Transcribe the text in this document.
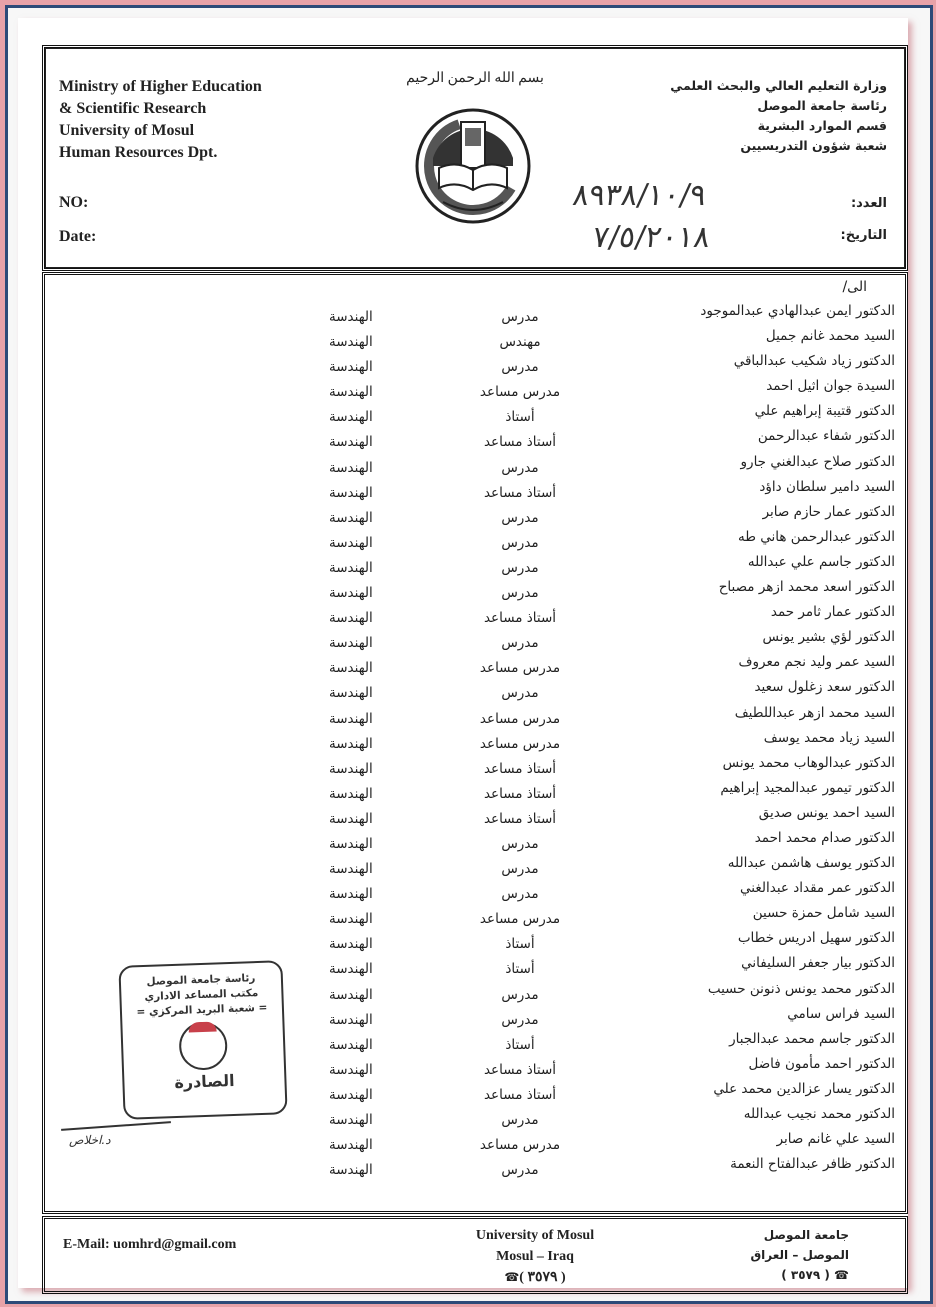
Ministry of Higher Education
& Scientific Research
University of Mosul
Human Resources Dpt.
NO:
Date:
بسم الله الرحمن الرحيم	وزارة التعليم العالي والبحث العلمي
رئاسة جامعة الموصل
قسم الموارد البشرية
شعبة شؤون التدريسيين
العدد:
التاريخ:
٨٩٣٨/١٠/٩
٧/٥/٢٠١٨
الى/
الدكتور ايمن عبدالهادي عبدالموجود
مدرس
الهندسة
السيد محمد غانم جميل
مهندس
الهندسة
الدكتور زياد شكيب عبدالباقي
مدرس
الهندسة
السيدة جوان اثيل احمد
مدرس مساعد
الهندسة
الدكتور قتيبة إبراهيم علي
أستاذ
الهندسة
الدكتور شفاء عبدالرحمن
أستاذ مساعد
الهندسة
الدكتور صلاح عبدالغني جارو
مدرس
الهندسة
السيد دامير سلطان داؤد
أستاذ مساعد
الهندسة
الدكتور عمار حازم صابر
مدرس
الهندسة
الدكتور عبدالرحمن هاني طه
مدرس
الهندسة
الدكتور جاسم علي عبدالله
مدرس
الهندسة
الدكتور اسعد محمد ازهر مصباح
مدرس
الهندسة
الدكتور عمار ثامر حمد
أستاذ مساعد
الهندسة
الدكتور لؤي بشير يونس
مدرس
الهندسة
السيد عمر وليد نجم معروف
مدرس مساعد
الهندسة
الدكتور سعد زغلول سعيد
مدرس
الهندسة
السيد محمد ازهر عبداللطيف
مدرس مساعد
الهندسة
السيد زياد محمد يوسف
مدرس مساعد
الهندسة
الدكتور عبدالوهاب محمد يونس
أستاذ مساعد
الهندسة
الدكتور تيمور عبدالمجيد إبراهيم
أستاذ مساعد
الهندسة
السيد احمد يونس صديق
أستاذ مساعد
الهندسة
الدكتور صدام محمد احمد
مدرس
الهندسة
الدكتور يوسف هاشمن عبدالله
مدرس
الهندسة
الدكتور عمر مقداد عبدالغني
مدرس
الهندسة
السيد شامل حمزة حسين
مدرس مساعد
الهندسة
الدكتور سهيل ادريس خطاب
أستاذ
الهندسة
الدكتور بيار جعفر السليفاني
أستاذ
الهندسة
الدكتور محمد يونس ذنونن حسيب
مدرس
الهندسة
السيد فراس سامي
مدرس
الهندسة
الدكتور جاسم محمد عبدالجبار
أستاذ
الهندسة
الدكتور احمد مأمون فاضل
أستاذ مساعد
الهندسة
الدكتور يسار عزالدين محمد علي
أستاذ مساعد
الهندسة
الدكتور محمد نجيب عبدالله
مدرس
الهندسة
السيد علي غانم صابر
مدرس مساعد
الهندسة
الدكتور ظافر عبدالفتاح النعمة
مدرس
الهندسة
رئاسة جامعة الموصل
مكتب المساعد الاداري
= شعبة البريد المركزي =
الصادرة
د.اخلاص
E-Mail: uomhrd@gmail.com
University of Mosul
Mosul – Iraq
☎( ٣٥٧٩ )
جامعة الموصل
الموصل – العراق
☎ ( ٣٥٧٩ )
